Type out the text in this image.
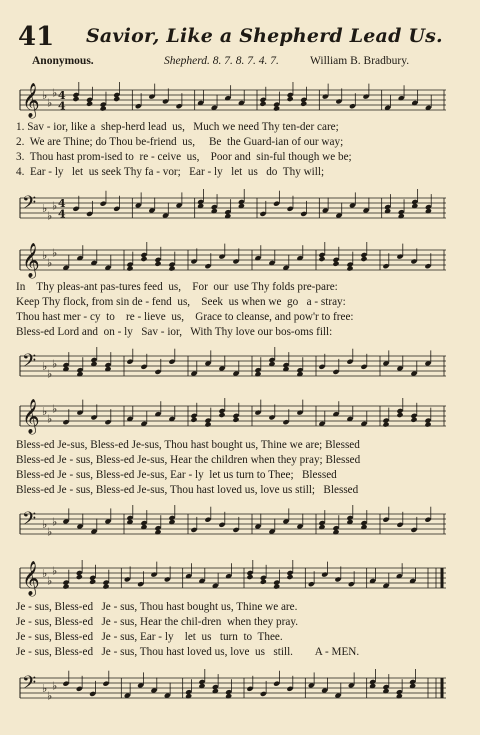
41 Savior, Like a Shepherd Lead Us.
Anonymous.	Shepherd. 8. 7. 8. 7. 4. 7.	William B. Bradbury.
𝄞 ♭
♭
♭ 4
4
1. Sav - ior, like a  shep-herd lead  us,   Much we need Thy ten-der care;
2.  We are Thine; do Thou be-friend  us,     Be  the Guard-ian of our way;
3.  Thou hast prom-ised to  re - ceive  us,    Poor and  sin-ful though we be;
4.  Ear - ly   let  us seek Thy fa - vor;   Ear - ly   let  us   do  Thy will;
𝄢 ♭
♭
♭ 4
4
𝄞 ♭
♭
♭
In    Thy pleas-ant pas-tures feed  us,    For  our  use Thy folds pre-pare:
Keep Thy flock, from sin de - fend  us,    Seek  us when we  go   a - stray:
Thou hast mer - cy  to    re - lieve  us,    Grace to cleanse, and pow'r to free:
Bless-ed Lord and  on - ly   Sav - ior,   With Thy love our bos-oms fill:
𝄢 ♭
♭
♭
𝄞 ♭
♭
♭
Bless-ed Je-sus, Bless-ed Je-sus, Thou hast bought us, Thine we are; Blessed
Bless-ed Je - sus, Bless-ed Je-sus, Hear the children when they pray; Blessed
Bless-ed Je - sus, Bless-ed Je-sus, Ear - ly  let us turn to Thee;   Blessed
Bless-ed Je - sus, Bless-ed Je-sus, Thou hast loved us, love us still;   Blessed
𝄢 ♭
♭
♭
𝄞 ♭
♭
♭
Je - sus, Bless-ed   Je - sus, Thou hast bought us, Thine we are.
Je - sus, Bless-ed   Je - sus, Hear the chil-dren  when they pray.
Je - sus, Bless-ed   Je - sus, Ear - ly    let  us   turn  to  Thee.
Je - sus, Bless-ed   Je - sus, Thou hast loved us, love  us   still.        A - MEN.
𝄢 ♭
♭
♭
